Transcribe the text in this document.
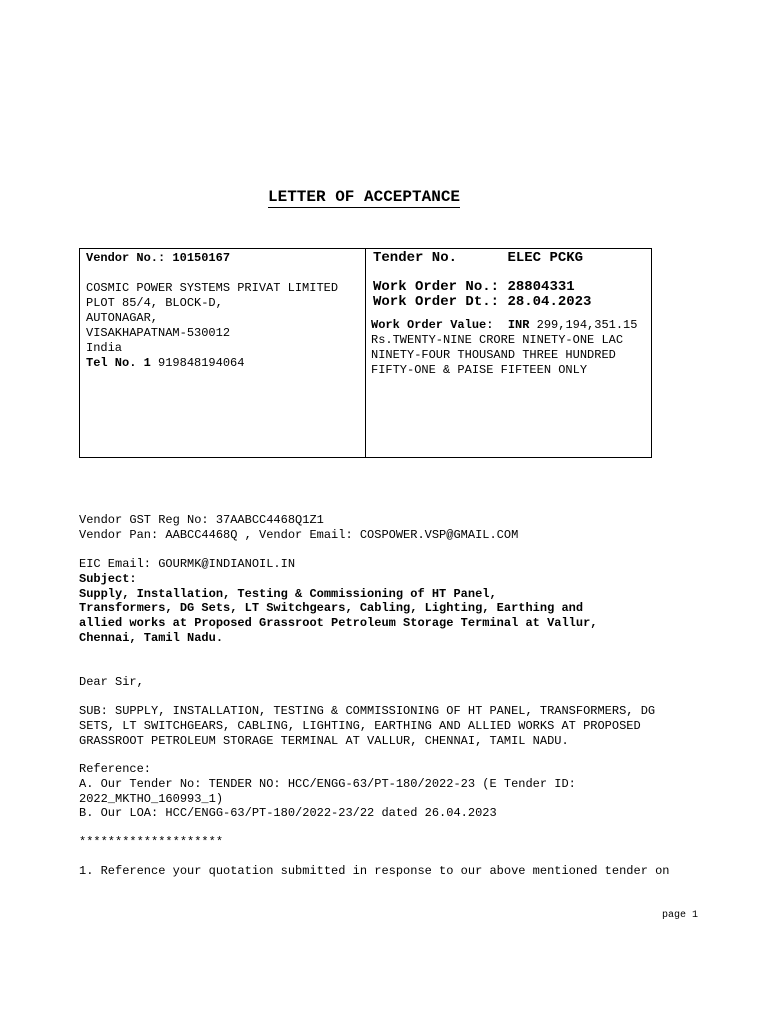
LETTER OF ACCEPTANCE
Vendor No.: 10150167

COSMIC POWER SYSTEMS PRIVAT LIMITED
PLOT 85/4, BLOCK-D,
AUTONAGAR,
VISAKHAPATNAM-530012
India
Tel No. 1 919848194064
Tender No.	ELEC PCKG
Work Order No.: 28804331
Work Order Dt.: 28.04.2023
Work Order Value: INR 299,194,351.15
Rs.TWENTY-NINE CRORE NINETY-ONE LAC
NINETY-FOUR THOUSAND THREE HUNDRED
FIFTY-ONE & PAISE FIFTEEN ONLY
Vendor GST Reg No: 37AABCC4468Q1Z1
Vendor Pan: AABCC4468Q , Vendor Email: COSPOWER.VSP@GMAIL.COM
EIC Email: GOURMK@INDIANOIL.IN
Subject:
Supply, Installation, Testing & Commissioning of HT Panel,
Transformers, DG Sets, LT Switchgears, Cabling, Lighting, Earthing and
allied works at Proposed Grassroot Petroleum Storage Terminal at Vallur,
Chennai, Tamil Nadu.
Dear Sir,
SUB: SUPPLY, INSTALLATION, TESTING & COMMISSIONING OF HT PANEL, TRANSFORMERS, DG
SETS, LT SWITCHGEARS, CABLING, LIGHTING, EARTHING AND ALLIED WORKS AT PROPOSED
GRASSROOT PETROLEUM STORAGE TERMINAL AT VALLUR, CHENNAI, TAMIL NADU.
Reference:
A. Our Tender No: TENDER NO: HCC/ENGG-63/PT-180/2022-23 (E Tender ID:
2022_MKTHO_160993_1)
B. Our LOA: HCC/ENGG-63/PT-180/2022-23/22 dated 26.04.2023
********************
1. Reference your quotation submitted in response to our above mentioned tender on
page 1
